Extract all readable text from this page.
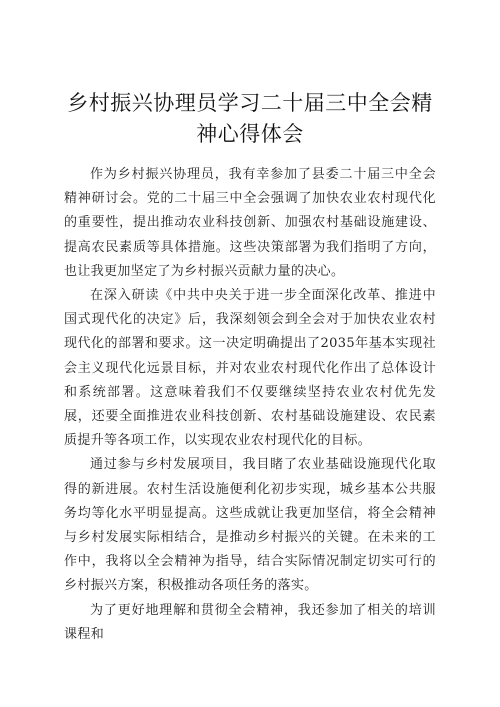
乡村振兴协理员学习二十届三中全会精神心得体会

作为乡村振兴协理员，我有幸参加了县委二十届三中全会精神研讨会。党的二十届三中全会强调了加快农业农村现代化的重要性，提出推动农业科技创新、加强农村基础设施建设、提高农民素质等具体措施。这些决策部署为我们指明了方向，也让我更加坚定了为乡村振兴贡献力量的决心。

在深入研读《中共中央关于进一步全面深化改革、推进中国式现代化的决定》后，我深刻领会到全会对于加快农业农村现代化的部署和要求。这一决定明确提出了2035年基本实现社会主义现代化远景目标，并对农业农村现代化作出了总体设计和系统部署。这意味着我们不仅要继续坚持农业农村优先发展，还要全面推进农业科技创新、农村基础设施建设、农民素质提升等各项工作，以实现农业农村现代化的目标。

通过参与乡村发展项目，我目睹了农业基础设施现代化取得的新进展。农村生活设施便利化初步实现，城乡基本公共服务均等化水平明显提高。这些成就让我更加坚信，将全会精神与乡村发展实际相结合，是推动乡村振兴的关键。在未来的工作中，我将以全会精神为指导，结合实际情况制定切实可行的乡村振兴方案，积极推动各项任务的落实。

为了更好地理解和贯彻全会精神，我还参加了相关的培训课程和
